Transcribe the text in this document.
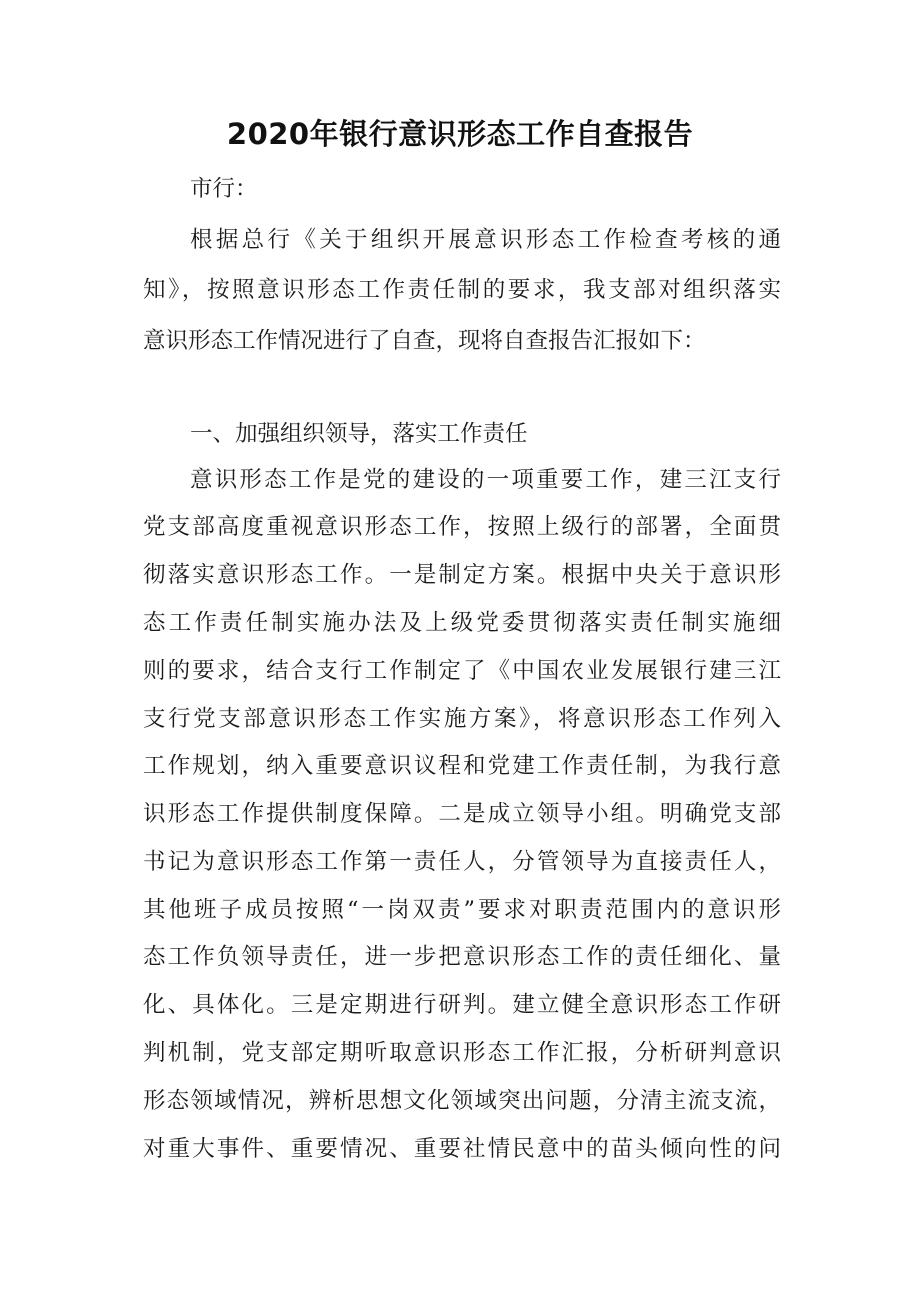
2020年银行意识形态工作自查报告
市行：
根据总行《关于组织开展意识形态工作检查考核的通
知》，按照意识形态工作责任制的要求，我支部对组织落实
意识形态工作情况进行了自查，现将自查报告汇报如下：
一、加强组织领导，落实工作责任
意识形态工作是党的建设的一项重要工作，建三江支行
党支部高度重视意识形态工作，按照上级行的部署，全面贯
彻落实意识形态工作。一是制定方案。根据中央关于意识形
态工作责任制实施办法及上级党委贯彻落实责任制实施细
则的要求，结合支行工作制定了《中国农业发展银行建三江
支行党支部意识形态工作实施方案》，将意识形态工作列入
工作规划，纳入重要意识议程和党建工作责任制，为我行意
识形态工作提供制度保障。二是成立领导小组。明确党支部
书记为意识形态工作第一责任人，分管领导为直接责任人，
其他班子成员按照“一岗双责”要求对职责范围内的意识形
态工作负领导责任，进一步把意识形态工作的责任细化、量
化、具体化。三是定期进行研判。建立健全意识形态工作研
判机制，党支部定期听取意识形态工作汇报，分析研判意识
形态领域情况，辨析思想文化领域突出问题，分清主流支流，
对重大事件、重要情况、重要社情民意中的苗头倾向性的问
